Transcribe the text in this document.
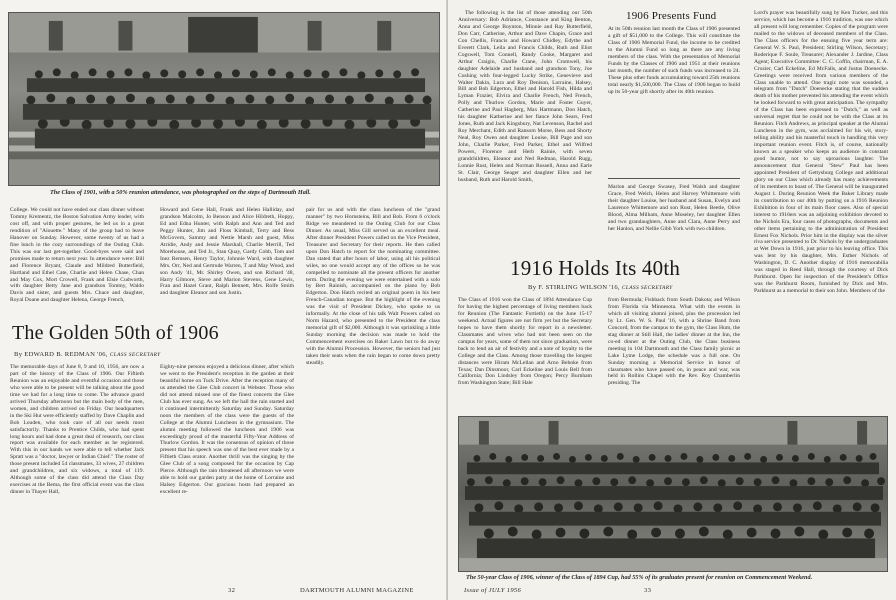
The Class of 1901, with a 50% reunion attendance, was photographed on the steps of Dartmouth Hall.
College. We could not have ended our class dinner without Tommy Krementz, the Boston Salvation Army leader, with cost off, and with proper gestures, he led us in a great rendition of "Alouette." Many of the group had to leave Hanover on Sunday. However, some twenty of us had a fine lunch in the cozy surroundings of the Outing Club. This was our last get-together. Good-byes were said and promises made to return next year. In attendance were: Bill and Florence Bryant, Claude and Mildred Butterfield, Hartland and Ethel Cate, Charlie and Helen Chase, Chan and May Cox, Mort Crowell, Frank and Elsie Cudworth, with daughter Betty Jane and grandson Tommy, Waldo Davis and sister, and guests Mrs. Chace and daughter, Royal Doane and daughter Helena, George French,
Howard and Gene Hall, Frank and Helen Halliday, and grandson Malcolm, Jo Benson and Alice Hildreth, Hoppy, Ed and Edna Hunter, with Ralph and Ann and Ted and Peggy Hunter, Jim and Floss Kimball, Terry and Bess McGovern, Sammy and Nettie Marsh and guest, Miss Atridie, Andy and Jessie Marshall, Charlie Merrill, Ted Morehouse, and Ted Jr., Stan Quay, Gardy Cobb, Tom and Inez Remsen, Henry Taylor, Johnnie Ward, with daughter Mrs. Orr, Ned and Gertrude Warren, T and May Wood, and son Andy '41, Mr. Shirley Owen, and son Richard '48, Harry Gilmore, Steve and Marion Stevens, Gene Lewis, Fran and Hazel Grant, Ralph Bennett, Mrs. Rolfe Smith and daughter Eleanor and son Justin.
pair for us and with the class luncheon of the "grand manner" by two Hornsteins, Bill and Bob. From 6 o'clock Ridge we meandered to the Outing Club for our Class Dinner. As usual, Miss Gill served us an excellent meal. After dinner President Powers called on the Vice President, Treasurer and Secretary for their reports. He then called upon Don Hatch to report for the nominating committee. Dan stated that after hours of labor, using all his political wiles, no one would accept any of the offices so he was compelled to nominate all the present officers for another term. During the evening we were entertained with a solo by Bert Rainish, accompanied on the piano by Bob Edgerton. Don Hatch recited an original poem in his best French-Canadian tongue. But the highlight of the evening was the visit of President Dickey, who spoke to us informally. At the close of his talk Walt Powers called on Norm Hazard, who presented to the President the class memorial gift of $2,000. Although it was sprinkling a little Sunday morning the decision was made to hold the Commencement exercises on Baker Lawn but to do away with the Alumni Procession. However, the seniors had just taken their seats when the rain began to come down pretty steadily.
The Golden 50th of 1906
By EDWARD B. REDMAN '06, CLASS SECRETARY
The memorable days of June 8, 9 and 10, 1956, are now a part of the history of the Class of 1906. Our Fiftieth Reunion was an enjoyable and eventful occasion and those who were able to be present will be talking about the good time we had for a long time to come. The advance guard arrived Thursday afternoon but the main body of the men, women, and children arrived on Friday. Our headquarters in the Ski Hut were efficiently staffed by Dave Chaplin and Bob Louden, who took care of all our needs most satisfactorily. Thanks to Prentice Childs, who had spent long hours and had done a great deal of research, our class report was available for each member as he registered. With this in our hands we were able to tell whether Jack Spratt was a "doctor, lawyer or Indian Chief." The roster of those present included 54 classmates, 33 wives, 27 children and grandchildren, and six widows, a total of 119. Although some of the class did attend the Class Day exercises at the Bema, the first official event was the class dinner in Thayer Hall,
Eighty-nine persons enjoyed a delicious dinner, after which we went to the President's reception in the garden at their beautiful home on Tuck Drive. After the reception many of us attended the Glee Club concert in Webster. Those who did not attend missed one of the finest concerts the Glee Club has ever sung. As we left the hall the rain started and it continued intermittently Saturday and Sunday. Saturday noon the members of the class were the guests of the College at the Alumni Luncheon in the gymnasium. The alumni meeting followed the luncheon and 1906 was exceedingly proud of the masterful Fifty-Year Address of Thurlow Gordon. It was the consensus of opinion of those present that his speech was one of the best ever made by a Fiftieth Class orator. Another thrill was the singing by the Glee Club of a song composed for the occasion by Cap Pierce. Although the rain threatened all afternoon we were able to hold our garden party at the home of Lorraine and Halsey Edgerton. Our gracious hosts had prepared an excellent re-
32	DARTMOUTH ALUMNI MAGAZINE

The following is the list of those attending our 50th Anniversary: Bob Adriance, Constance and King Benton, Anna and George Boynton, Minnie and Ray Butterfield, Don Carr, Catherine, Arthur and Dave Chapin, Grace and Con Chellis, Francis and Howard Chidley, Edythe and Everett Clark, Leila and Francis Childs, Ruth and Eliot Cogswell, Tom Connell, Randy Cooke, Margaret and Arthur Craigin, Charlie Crane, John Cromwell, his daughter Adelaide and husband and grandson Tony, Joe Cushing with four-legged Lucky Strike, Genevieve and Walter Dakin, Lura and Roy Denison, Lorraine, Halsey, Bill and Bob Edgerton, Ethel and Harold Fish, Hilda and Lyman Frazier, Elvira and Charlie French, Ned French, Polly and Thurlow Gordon, Marie and Foster Guyer, Catherine and Paul Hagberg, Max Hartmann, Don Hatch, his daughter Katherine and her fiance John Sears, Fred Jones, Ruth and Jack Kingsbury, Nat Levenson, Rachel and Roy Merchant, Edith and Ransom Morse, Bess and Shorty Neal, Roy Owen and daughter Louise, Bill Page and son John, Charlie Parker, Fred Parker, Ethel and Wilfred Powers, Florence and Herb Rainie, with seven grandchildren, Eleanor and Ned Redman, Harold Rugg, Lonnie Rust, Helen and Norman Russell, Anna and Earle St. Clair, George Seager and daughter Ellen and her husband, Ruth and Harold Smith,

1906 Presents Fund
At its 50th reunion last month the Class of 1906 presented a gift of $51,000 to the College. This will constitute the Class of 1906 Memorial Fund, the income to be credited to the Alumni Fund so long as there are any living members of the class. With the presentation of Memorial Funds by the Classes of 1906 and 1951 at their reunions last month, the number of such funds was increased to 24. These plus other funds accumulating toward 25th reunions total nearly $1,500,000. The Class of 1906 began to build up its 50-year gift shortly after its 40th reunion.
Marion and George Swasey, Fred Walsh and daughter Grace, Fred Welch, Helen and Harvey Whittemore with their daughter Louise, her husband and Susan, Evelyn and Laurence Whittemore and son Rust, Helen Beetle, Olive Blood, Alma Milham, Anne Moseley, her daughter Ellen and two grandaughters, Anne and Clara, Anne Perry and her Hanlon, and Nellie Gibb York with two children.
1916 Holds Its 40th
By F. STIRLING WILSON '16, CLASS SECRETARY
The Class of 1916 won the Class of 1894 Attendance Cup for having the highest percentage of living members back for Reunion (The Fantastic Fortieth) on the June 15-17 weekend. Actual figures are not firm yet but the Secretary hopes to have them shortly for report in a newsletter. Classmates and wives who had not been seen on the campus for years, some of them not since graduation, were back to lend an air of festivity and a note of loyalty to the College and the Class. Among those travelling the longest distances were Hiram McLellan and Arno Behnke from Texas; Dan Dinsmoor, Carl Eckeline and Louis Bell from California; Don Lindsley from Oregon; Percy Burnham from Washington State; Bill Hale
from Bermuda; Fishback from South Dakota; and Wilson from Florida via Minnesota. What with the events in which all visiting alumni joined, plus the procession led by Lt. Gen. W. S. Paul '16, with a Shrine Band from Concord, from the campus to the gym, the Class Hum, the stag dinner at Still Hall, the ladies' dinner at the Inn, the co-ed dinner at the Outing Club, the Class business meeting in 104 Dartmouth and the Class family picnic at Lake Lyme Lodge, the schedule was a full one. On Sunday morning a Memorial Service in honor of classmates who have passed on, in peace and war, was held in Rollins Chapel with the Rev. Roy Chamberlin presiding. The
Lord's prayer was beautifully sung by Ken Tucker, and this service, which has become a 1916 tradition, was one which all present will long remember. Copies of the program were mailed to the widows of deceased members of the Class. The Class officers for the ensuing five year term are: General W. S. Paul, President; Stirling Wilson, Secretary; Roderique F. Soule, Treasurer; Alexander J. Jardine, Class Agent; Executive Committee: C. C. Coffin, chairman, E. A. Crozier, Carl Eckeline, Ed McFalls, and Justus Doenecke. Greetings were received from various members of the Class unable to attend. One tragic note was sounded, a telegram from "Dutch" Doenecke stating that the sudden death of his mother prevented his attending the event which he looked forward to with great anticipation. The sympathy of the Class has been expressed to "Dutch," as well as universal regret that he could not be with the Class at its Reunion. Fitch Andrews, as principal speaker at the Alumni Luncheon in the gym, was acclaimed for his wit, story-telling ability and his masterful touch in handling this very important reunion event. Fitch is, of course, nationally known as a speaker who keeps an audience in constant good humor, not to say uproarious laughter. The announcement that General "Stew" Paul has been appointed President of Gettysburg College and additional glory on our Class which already has many achievements of its members to boast of. The General will be inaugurated August 1. During Reunion Week the Baker Library made its contribution to our 40th by putting on a 1916 Reunion Exhibition in four of its main floor cases. Also of special interest to 1916ers was an adjoining exhibition devoted to the Nichols Era, four cases of photographs, documents and other items pertaining to the administration of President Ernest Fox Nichols. Prior him in the display was the silver riva service presented to Dr. Nichols by the undergraduates at Wet Down in 1916, just prior to his leaving office. This was lent by his daughter, Mrs. Esther Nichols of Washington, D. C. Another display of 1916 memorabilia was staged in Reed Hall, through the courtesy of Dick Parkhurst. Open for inspection of the President's Office was the Parkhurst Room, furnished by Dick and Mrs. Parkhurst as a memorial to their son John. Members of the
The 50-year Class of 1906, winner of the Class of 1894 Cup, had 55% of its graduates present for reunion on Commencement Weekend.
Issue of JULY 1956	33
